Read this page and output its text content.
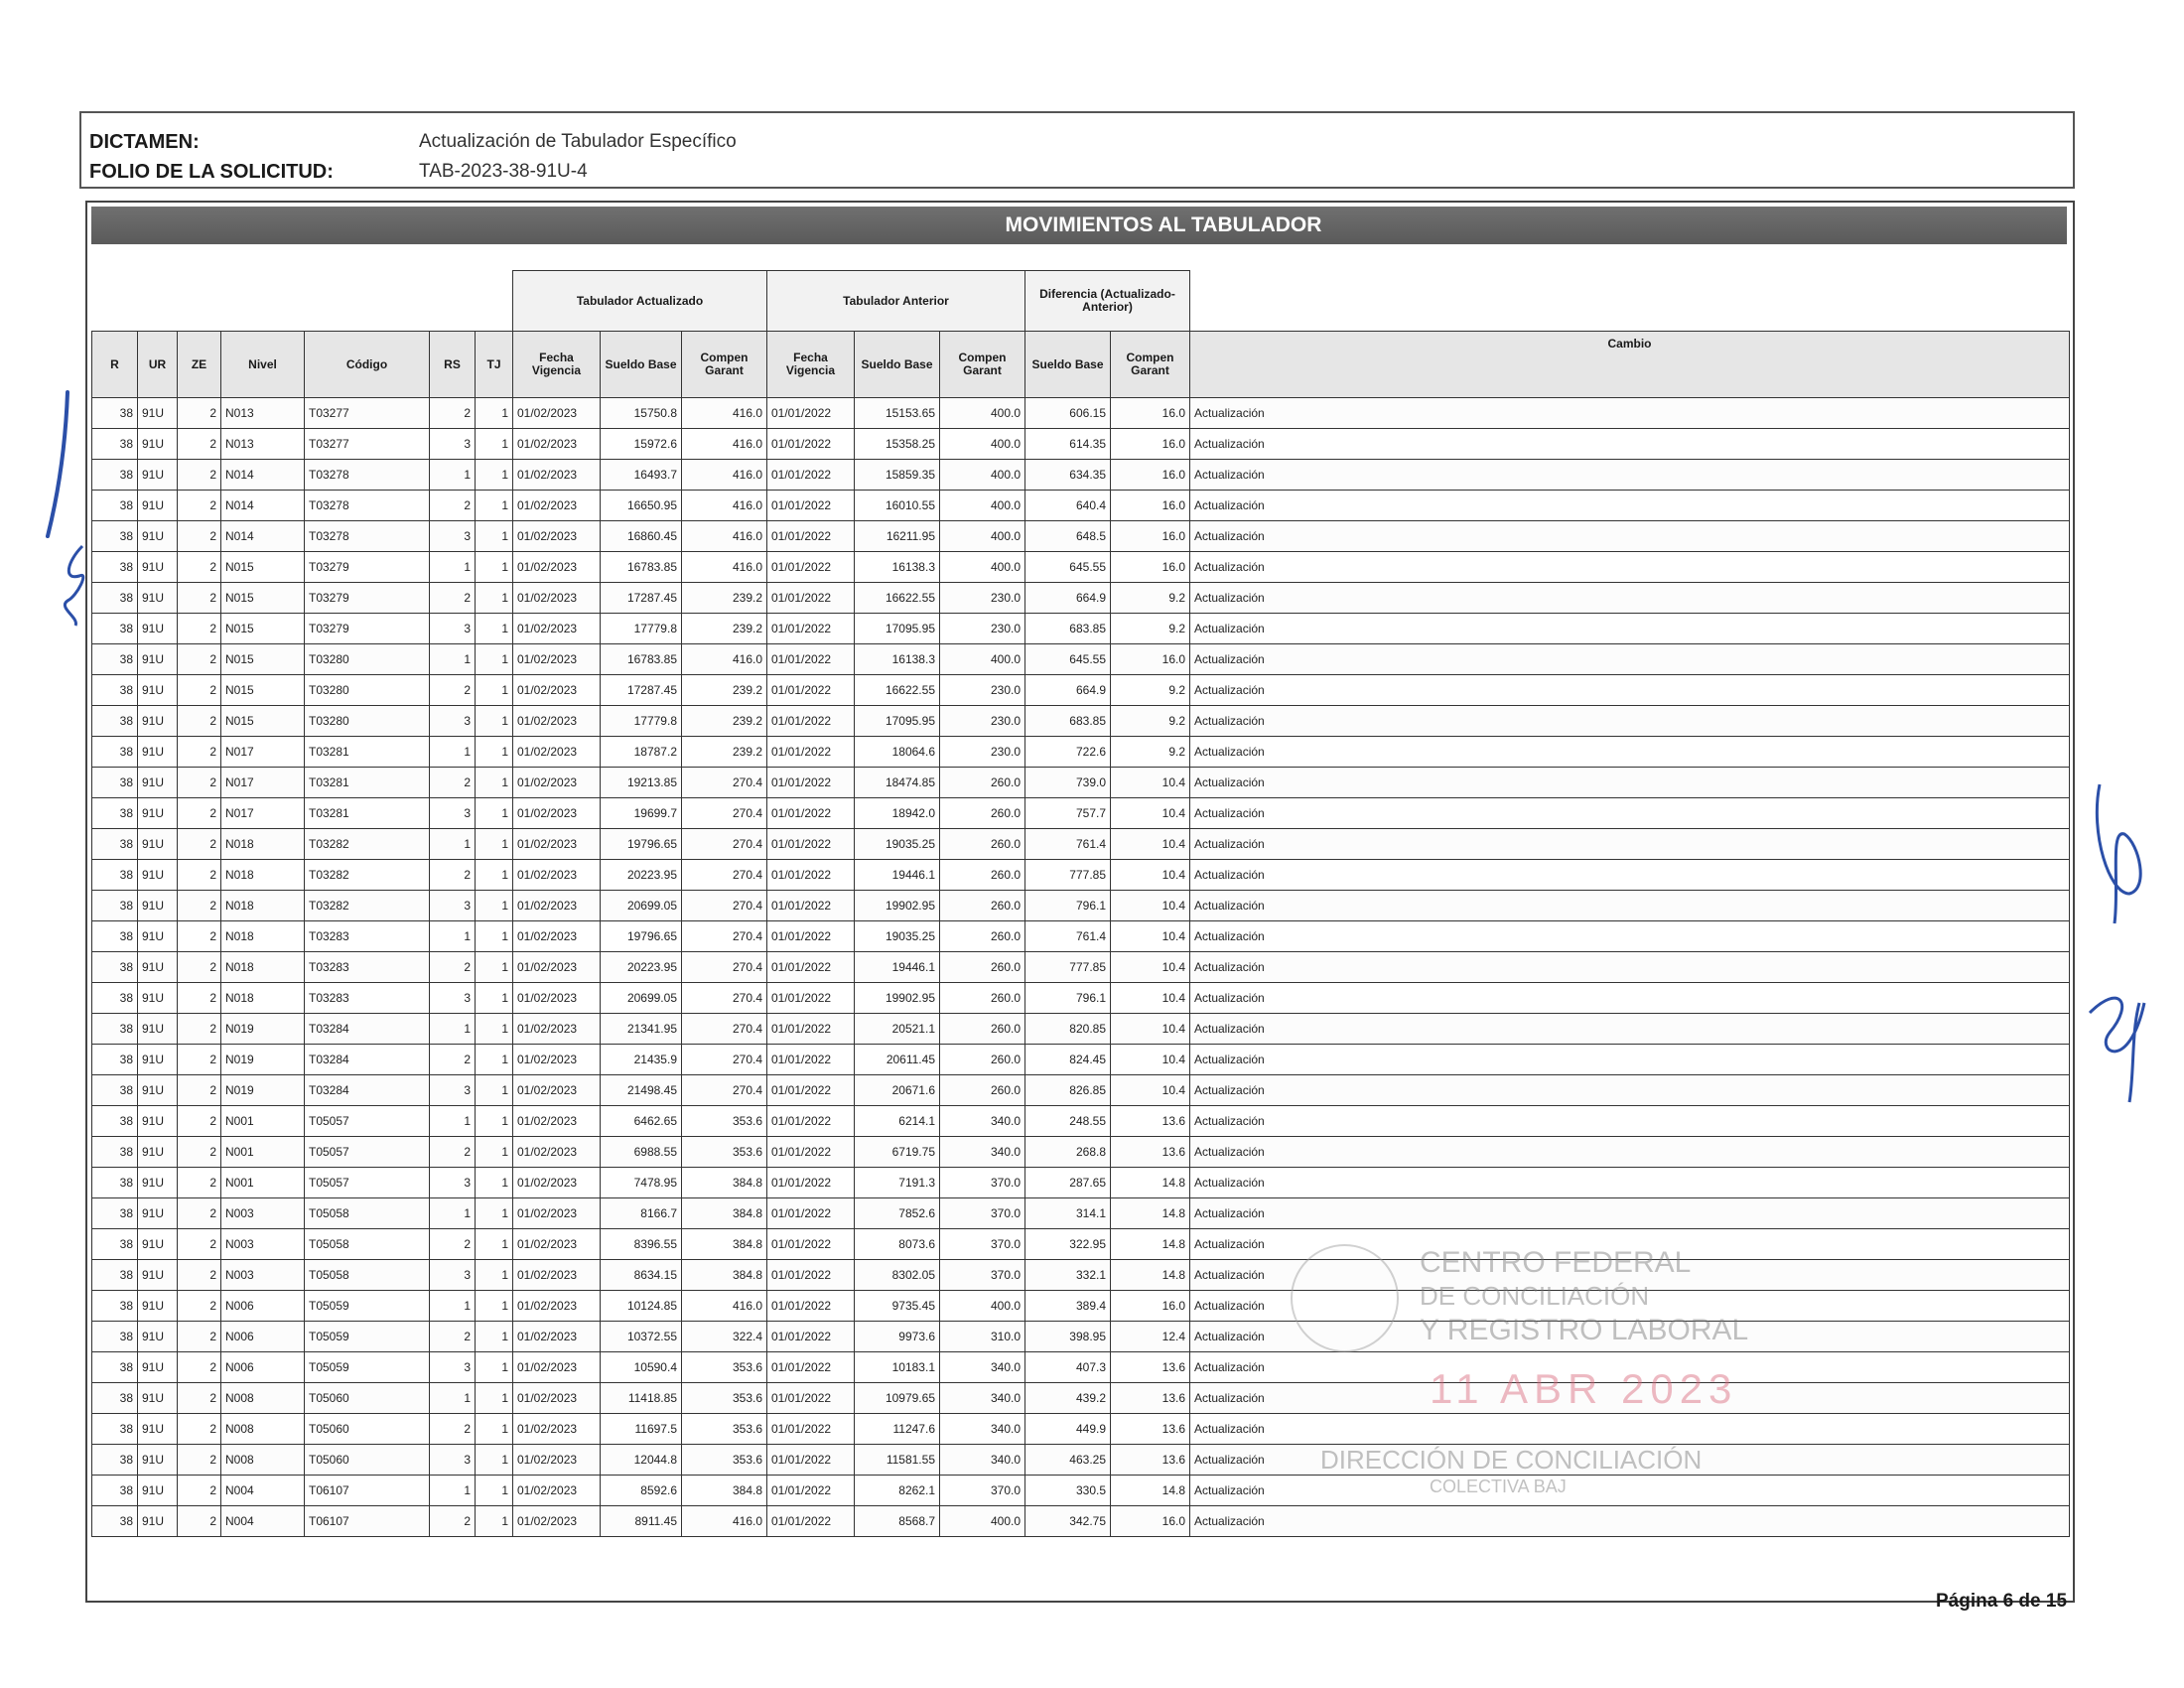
DICTAMEN:	Actualización de Tabulador Específico
FOLIO DE LA SOLICITUD:	TAB-2023-38-91U-4
MOVIMIENTOS AL TABULADOR
							Tabulador Actualizado			Tabulador Anterior			Diferencia (Actualizado-Anterior)		
R	UR	ZE	Nivel	Código	RS	TJ	Fecha Vigencia	Sueldo Base	Compen Garant	Fecha Vigencia	Sueldo Base	Compen Garant	Sueldo Base	Compen Garant	Cambio
38	91U	2	N013	T03277	2	1	01/02/2023	15750.8	416.0	01/01/2022	15153.65	400.0	606.15	16.0	Actualización
38	91U	2	N013	T03277	3	1	01/02/2023	15972.6	416.0	01/01/2022	15358.25	400.0	614.35	16.0	Actualización
38	91U	2	N014	T03278	1	1	01/02/2023	16493.7	416.0	01/01/2022	15859.35	400.0	634.35	16.0	Actualización
38	91U	2	N014	T03278	2	1	01/02/2023	16650.95	416.0	01/01/2022	16010.55	400.0	640.4	16.0	Actualización
38	91U	2	N014	T03278	3	1	01/02/2023	16860.45	416.0	01/01/2022	16211.95	400.0	648.5	16.0	Actualización
38	91U	2	N015	T03279	1	1	01/02/2023	16783.85	416.0	01/01/2022	16138.3	400.0	645.55	16.0	Actualización
38	91U	2	N015	T03279	2	1	01/02/2023	17287.45	239.2	01/01/2022	16622.55	230.0	664.9	9.2	Actualización
38	91U	2	N015	T03279	3	1	01/02/2023	17779.8	239.2	01/01/2022	17095.95	230.0	683.85	9.2	Actualización
38	91U	2	N015	T03280	1	1	01/02/2023	16783.85	416.0	01/01/2022	16138.3	400.0	645.55	16.0	Actualización
38	91U	2	N015	T03280	2	1	01/02/2023	17287.45	239.2	01/01/2022	16622.55	230.0	664.9	9.2	Actualización
38	91U	2	N015	T03280	3	1	01/02/2023	17779.8	239.2	01/01/2022	17095.95	230.0	683.85	9.2	Actualización
38	91U	2	N017	T03281	1	1	01/02/2023	18787.2	239.2	01/01/2022	18064.6	230.0	722.6	9.2	Actualización
38	91U	2	N017	T03281	2	1	01/02/2023	19213.85	270.4	01/01/2022	18474.85	260.0	739.0	10.4	Actualización
38	91U	2	N017	T03281	3	1	01/02/2023	19699.7	270.4	01/01/2022	18942.0	260.0	757.7	10.4	Actualización
38	91U	2	N018	T03282	1	1	01/02/2023	19796.65	270.4	01/01/2022	19035.25	260.0	761.4	10.4	Actualización
38	91U	2	N018	T03282	2	1	01/02/2023	20223.95	270.4	01/01/2022	19446.1	260.0	777.85	10.4	Actualización
38	91U	2	N018	T03282	3	1	01/02/2023	20699.05	270.4	01/01/2022	19902.95	260.0	796.1	10.4	Actualización
38	91U	2	N018	T03283	1	1	01/02/2023	19796.65	270.4	01/01/2022	19035.25	260.0	761.4	10.4	Actualización
38	91U	2	N018	T03283	2	1	01/02/2023	20223.95	270.4	01/01/2022	19446.1	260.0	777.85	10.4	Actualización
38	91U	2	N018	T03283	3	1	01/02/2023	20699.05	270.4	01/01/2022	19902.95	260.0	796.1	10.4	Actualización
38	91U	2	N019	T03284	1	1	01/02/2023	21341.95	270.4	01/01/2022	20521.1	260.0	820.85	10.4	Actualización
38	91U	2	N019	T03284	2	1	01/02/2023	21435.9	270.4	01/01/2022	20611.45	260.0	824.45	10.4	Actualización
38	91U	2	N019	T03284	3	1	01/02/2023	21498.45	270.4	01/01/2022	20671.6	260.0	826.85	10.4	Actualización
38	91U	2	N001	T05057	1	1	01/02/2023	6462.65	353.6	01/01/2022	6214.1	340.0	248.55	13.6	Actualización
38	91U	2	N001	T05057	2	1	01/02/2023	6988.55	353.6	01/01/2022	6719.75	340.0	268.8	13.6	Actualización
38	91U	2	N001	T05057	3	1	01/02/2023	7478.95	384.8	01/01/2022	7191.3	370.0	287.65	14.8	Actualización
38	91U	2	N003	T05058	1	1	01/02/2023	8166.7	384.8	01/01/2022	7852.6	370.0	314.1	14.8	Actualización
38	91U	2	N003	T05058	2	1	01/02/2023	8396.55	384.8	01/01/2022	8073.6	370.0	322.95	14.8	Actualización
38	91U	2	N003	T05058	3	1	01/02/2023	8634.15	384.8	01/01/2022	8302.05	370.0	332.1	14.8	Actualización
38	91U	2	N006	T05059	1	1	01/02/2023	10124.85	416.0	01/01/2022	9735.45	400.0	389.4	16.0	Actualización
38	91U	2	N006	T05059	2	1	01/02/2023	10372.55	322.4	01/01/2022	9973.6	310.0	398.95	12.4	Actualización
38	91U	2	N006	T05059	3	1	01/02/2023	10590.4	353.6	01/01/2022	10183.1	340.0	407.3	13.6	Actualización
38	91U	2	N008	T05060	1	1	01/02/2023	11418.85	353.6	01/01/2022	10979.65	340.0	439.2	13.6	Actualización
38	91U	2	N008	T05060	2	1	01/02/2023	11697.5	353.6	01/01/2022	11247.6	340.0	449.9	13.6	Actualización
38	91U	2	N008	T05060	3	1	01/02/2023	12044.8	353.6	01/01/2022	11581.55	340.0	463.25	13.6	Actualización
38	91U	2	N004	T06107	1	1	01/02/2023	8592.6	384.8	01/01/2022	8262.1	370.0	330.5	14.8	Actualización
38	91U	2	N004	T06107	2	1	01/02/2023	8911.45	416.0	01/01/2022	8568.7	400.0	342.75	16.0	Actualización
CENTRO FEDERAL
DE CONCILIACIÓN
Y REGISTRO LABORAL
11 ABR 2023
DIRECCIÓN DE CONCILIACIÓN
COLECTIVA BAJ
Página 6 de 15
